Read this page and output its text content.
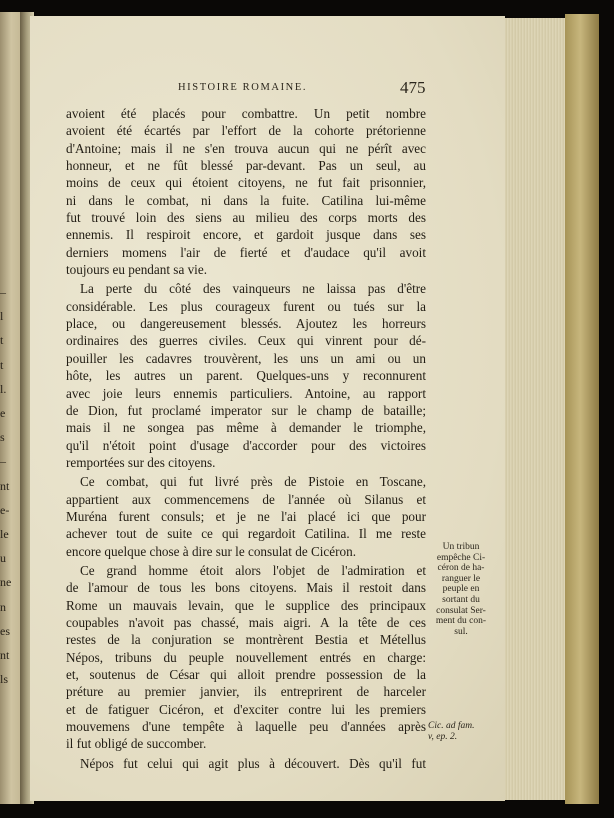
–
l
t
t
l.
e
s
–
nt
e-
le
u
ne
n
es
nt
ls
HISTOIRE ROMAINE.	475
avoient été placés pour combattre. Un petit nombre
avoient été écartés par l'effort de la cohorte prétorienne
d'Antoine; mais il ne s'en trouva aucun qui ne pérît avec
honneur, et ne fût blessé par-devant. Pas un seul, au
moins de ceux qui étoient citoyens, ne fut fait prisonnier,
ni dans le combat, ni dans la fuite. Catilina lui-même
fut trouvé loin des siens au milieu des corps morts des
ennemis. Il respiroit encore, et gardoit jusque dans ses
derniers momens l'air de fierté et d'audace qu'il avoit
toujours eu pendant sa vie.
La perte du côté des vainqueurs ne laissa pas d'être
considérable. Les plus courageux furent ou tués sur la
place, ou dangereusement blessés. Ajoutez les horreurs
ordinaires des guerres civiles. Ceux qui vinrent pour dé-
pouiller les cadavres trouvèrent, les uns un ami ou un
hôte, les autres un parent. Quelques-uns y reconnurent
avec joie leurs ennemis particuliers. Antoine, au rapport
de Dion, fut proclamé imperator sur le champ de bataille;
mais il ne songea pas même à demander le triomphe,
qu'il n'étoit point d'usage d'accorder pour des victoires
remportées sur des citoyens.
Ce combat, qui fut livré près de Pistoie en Toscane,
appartient aux commencemens de l'année où Silanus et
Muréna furent consuls; et je ne l'ai placé ici que pour
achever tout de suite ce qui regardoit Catilina. Il me reste
encore quelque chose à dire sur le consulat de Cicéron.
Ce grand homme étoit alors l'objet de l'admiration et
de l'amour de tous les bons citoyens. Mais il restoit dans
Rome un mauvais levain, que le supplice des principaux
coupables n'avoit pas chassé, mais aigri. A la tête de ces
restes de la conjuration se montrèrent Bestia et Métellus
Népos, tribuns du peuple nouvellement entrés en charge:
et, soutenus de César qui alloit prendre possession de la
préture au premier janvier, ils entreprirent de harceler
et de fatiguer Cicéron, et d'exciter contre lui les premiers
mouvemens d'une tempête à laquelle peu d'années après
il fut obligé de succomber.
Népos fut celui qui agit plus à découvert. Dès qu'il fut
Un tribun
empêche Ci-
céron de ha-
ranguer le
peuple en
sortant du
consulat Ser-
ment du con-
sul.
Cic. ad fam.
v, ep. 2.
